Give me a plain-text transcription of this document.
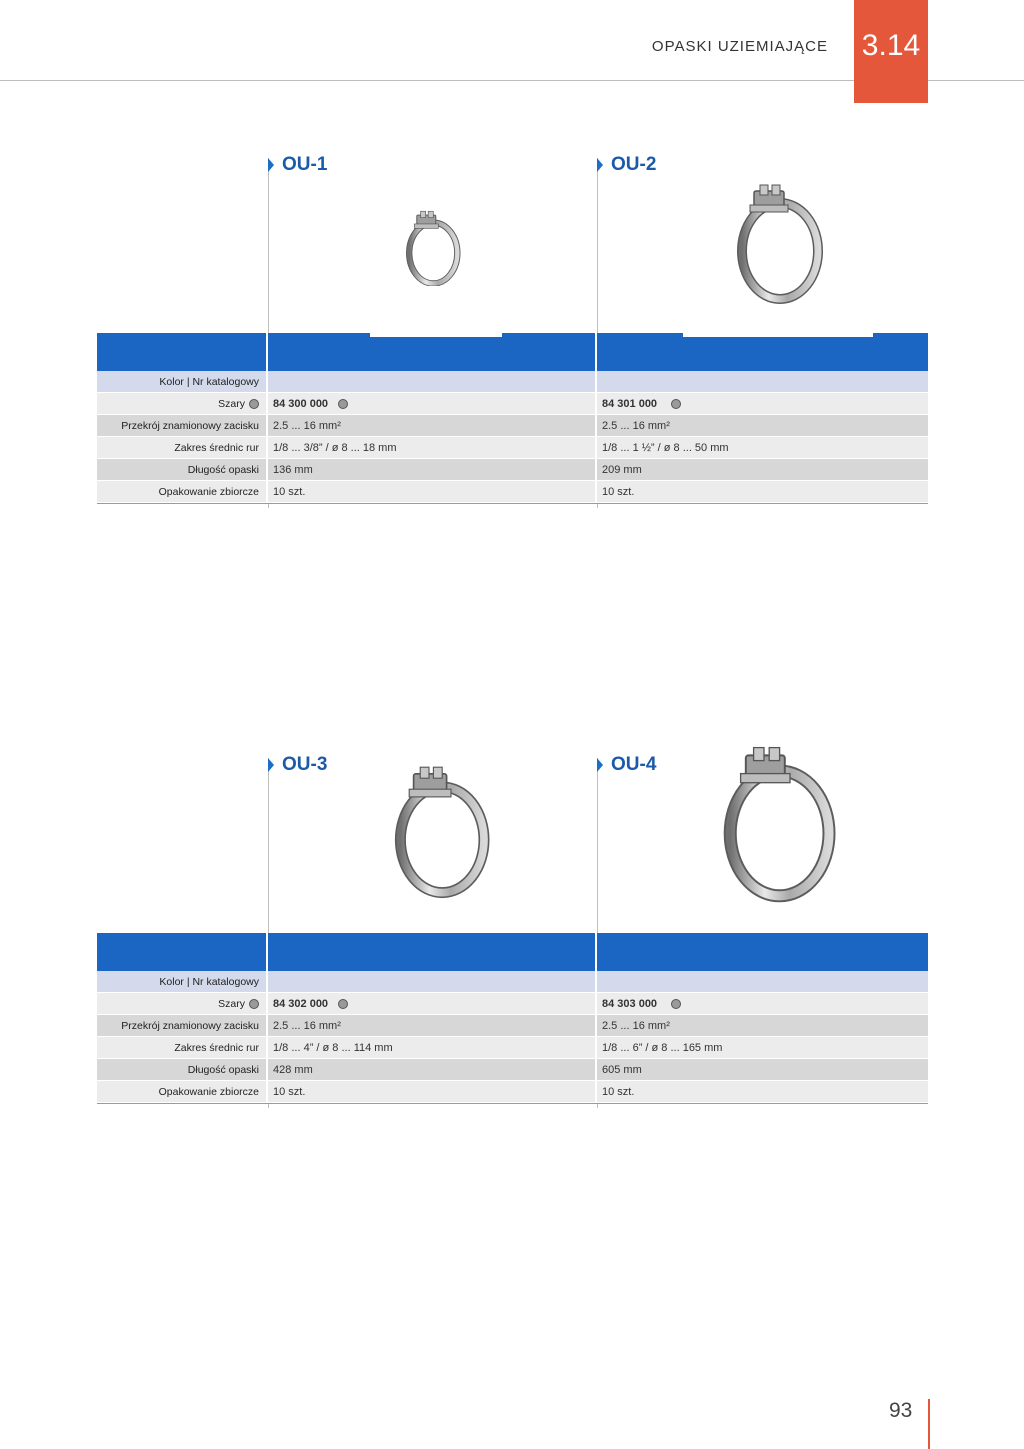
OPASKI UZIEMIAJĄCE 3.14
OU-1	OU-2
Kolor | Nr katalogowy
Szary	84 300 000	84 301 000
Przekrój znamionowy zacisku	2.5 ... 16 mm²	2.5 ... 16 mm²
Zakres średnic rur	1/8 ... 3/8” / ø 8 ... 18 mm	1/8 ... 1 ½” / ø 8 ... 50 mm
Długość opaski	136 mm	209 mm
Opakowanie zbiorcze	10 szt.	10 szt.
OU-3	OU-4
Kolor | Nr katalogowy
Szary	84 302 000	84 303 000
Przekrój znamionowy zacisku	2.5 ... 16 mm²	2.5 ... 16 mm²
Zakres średnic rur	1/8 ... 4” / ø 8 ... 114 mm	1/8 ... 6” / ø 8 ... 165 mm
Długość opaski	428 mm	605 mm
Opakowanie zbiorcze	10 szt.	10 szt.
93
